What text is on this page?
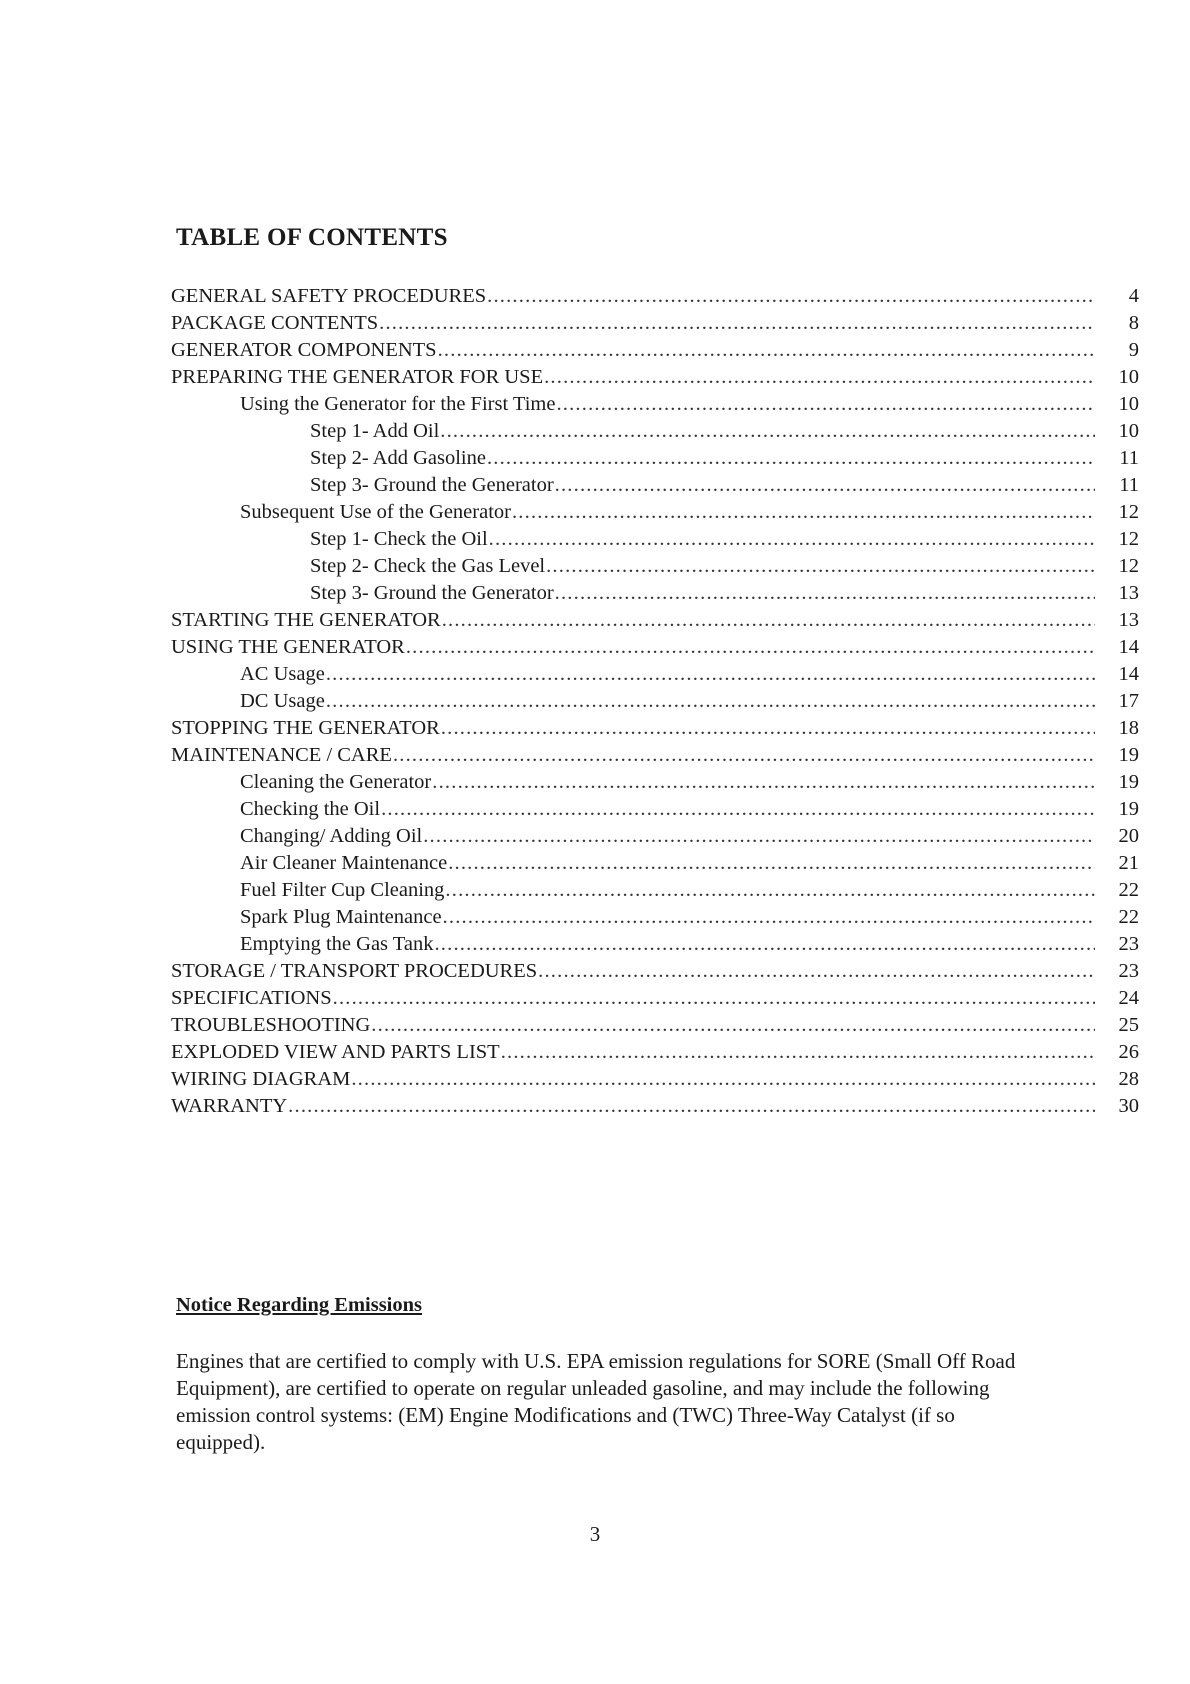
TABLE OF CONTENTS
GENERAL SAFETY PROCEDURES .....	4
PACKAGE CONTENTS .....	8
GENERATOR COMPONENTS .....	9
PREPARING THE GENERATOR FOR USE .....	10
Using the Generator for the First Time .....	10
Step 1- Add Oil .....	10
Step 2- Add Gasoline .....	11
Step 3- Ground the Generator .....	11
Subsequent Use of the Generator .....	12
Step 1- Check the Oil .....	12
Step 2- Check the Gas Level .....	12
Step 3- Ground the Generator .....	13
STARTING THE GENERATOR .....	13
USING THE GENERATOR .....	14
AC Usage .....	14
DC Usage .....	17
STOPPING THE GENERATOR .....	18
MAINTENANCE / CARE .....	19
Cleaning the Generator .....	19
Checking the Oil .....	19
Changing/ Adding Oil .....	20
Air Cleaner Maintenance .....	21
Fuel Filter Cup Cleaning .....	22
Spark Plug Maintenance .....	22
Emptying the Gas Tank .....	23
STORAGE / TRANSPORT PROCEDURES .....	23
SPECIFICATIONS .....	24
TROUBLESHOOTING .....	25
EXPLODED VIEW AND PARTS LIST .....	26
WIRING DIAGRAM .....	28
WARRANTY .....	30
Notice Regarding Emissions

Engines that are certified to comply with U.S. EPA emission regulations for SORE (Small Off Road Equipment), are certified to operate on regular unleaded gasoline, and may include the following emission control systems: (EM) Engine Modifications and (TWC) Three-Way Catalyst (if so equipped).

3
